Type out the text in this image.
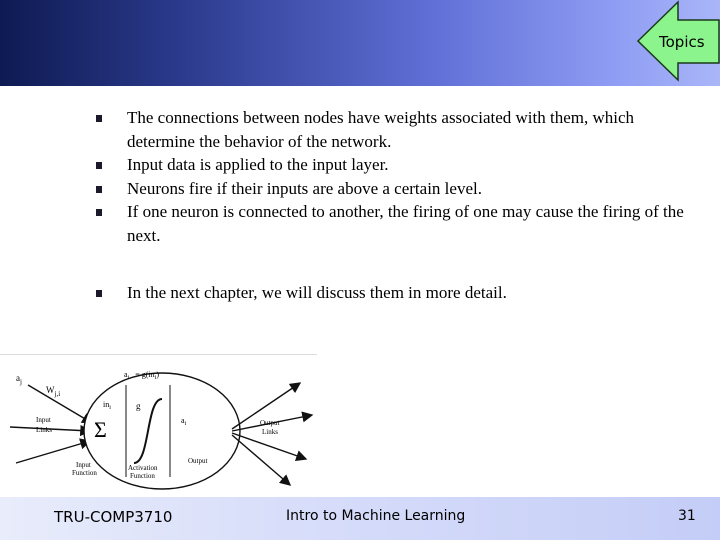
Topics
The connections between nodes have weights associated with them, which determine the behavior of the network.
Input data is applied to the input layer.
Neurons fire if their inputs are above a certain level.
If one neuron is connected to another, the firing of one may cause the firing of the next.
In the next chapter, we will discuss them in more detail.
$a_j$
$W_{j,i}$
$a_i = g(in_i)$
$in_i$	g
$a_i$
Σ
Input Links
Input Function
Activation Function
Output
Output Links
TRU-COMP3710	Intro to Machine Learning	31
